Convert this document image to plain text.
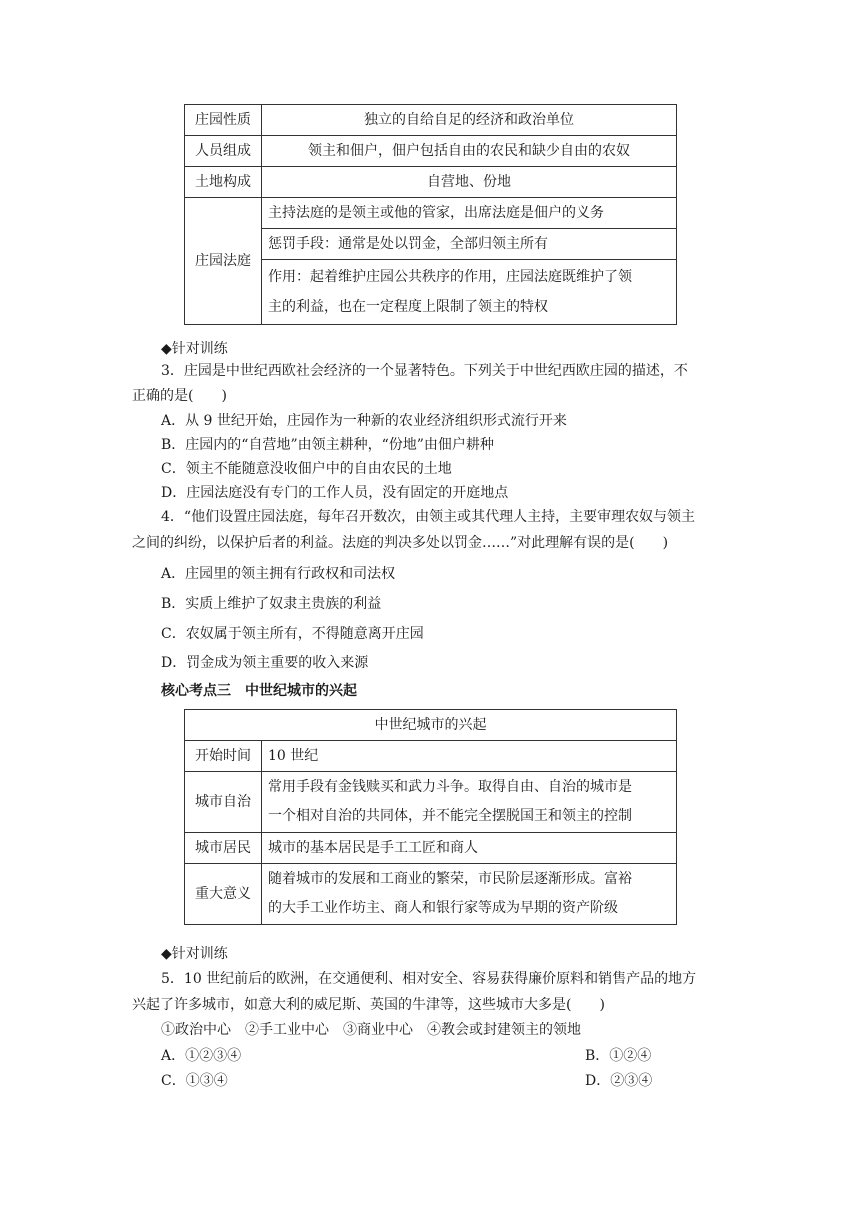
庄园性质	独立的自给自足的经济和政治单位
人员组成	领主和佃户，佃户包括自由的农民和缺少自由的农奴
土地构成	自营地、份地
庄园法庭	主持法庭的是领主或他的管家，出席法庭是佃户的义务
	惩罚手段：通常是处以罚金，全部归领主所有

	作用：起着维护庄园公共秩序的作用，庄园法庭既维护了领
主的利益，也在一定程度上限制了领主的特权
◆针对训练
3．庄园是中世纪西欧社会经济的一个显著特色。下列关于中世纪西欧庄园的描述，不
正确的是(　　)
A．从 9 世纪开始，庄园作为一种新的农业经济组织形式流行开来
B．庄园内的“自营地”由领主耕种，“份地”由佃户耕种
C．领主不能随意没收佃户中的自由农民的土地
D．庄园法庭没有专门的工作人员，没有固定的开庭地点
4．“他们设置庄园法庭，每年召开数次，由领主或其代理人主持，主要审理农奴与领主
之间的纠纷，以保护后者的利益。法庭的判决多处以罚金……”对此理解有误的是(　　)
A．庄园里的领主拥有行政权和司法权
B．实质上维护了奴隶主贵族的利益
C．农奴属于领主所有，不得随意离开庄园
D．罚金成为领主重要的收入来源
核心考点三　中世纪城市的兴起
中世纪城市的兴起	
开始时间	10 世纪
城市自治	常用手段有金钱赎买和武力斗争。取得自由、自治的城市是
一个相对自治的共同体，并不能完全摆脱国王和领主的控制

城市居民	城市的基本居民是手工工匠和商人
重大意义	随着城市的发展和工商业的繁荣，市民阶层逐渐形成。富裕
的大手工业作坊主、商人和银行家等成为早期的资产阶级
◆针对训练
5．10 世纪前后的欧洲，在交通便利、相对安全、容易获得廉价原料和销售产品的地方
兴起了许多城市，如意大利的威尼斯、英国的牛津等，这些城市大多是(　　)
①政治中心　②手工业中心　③商业中心　④教会或封建领主的领地
A．①②③④	B．①②④
C．①③④	D．②③④
